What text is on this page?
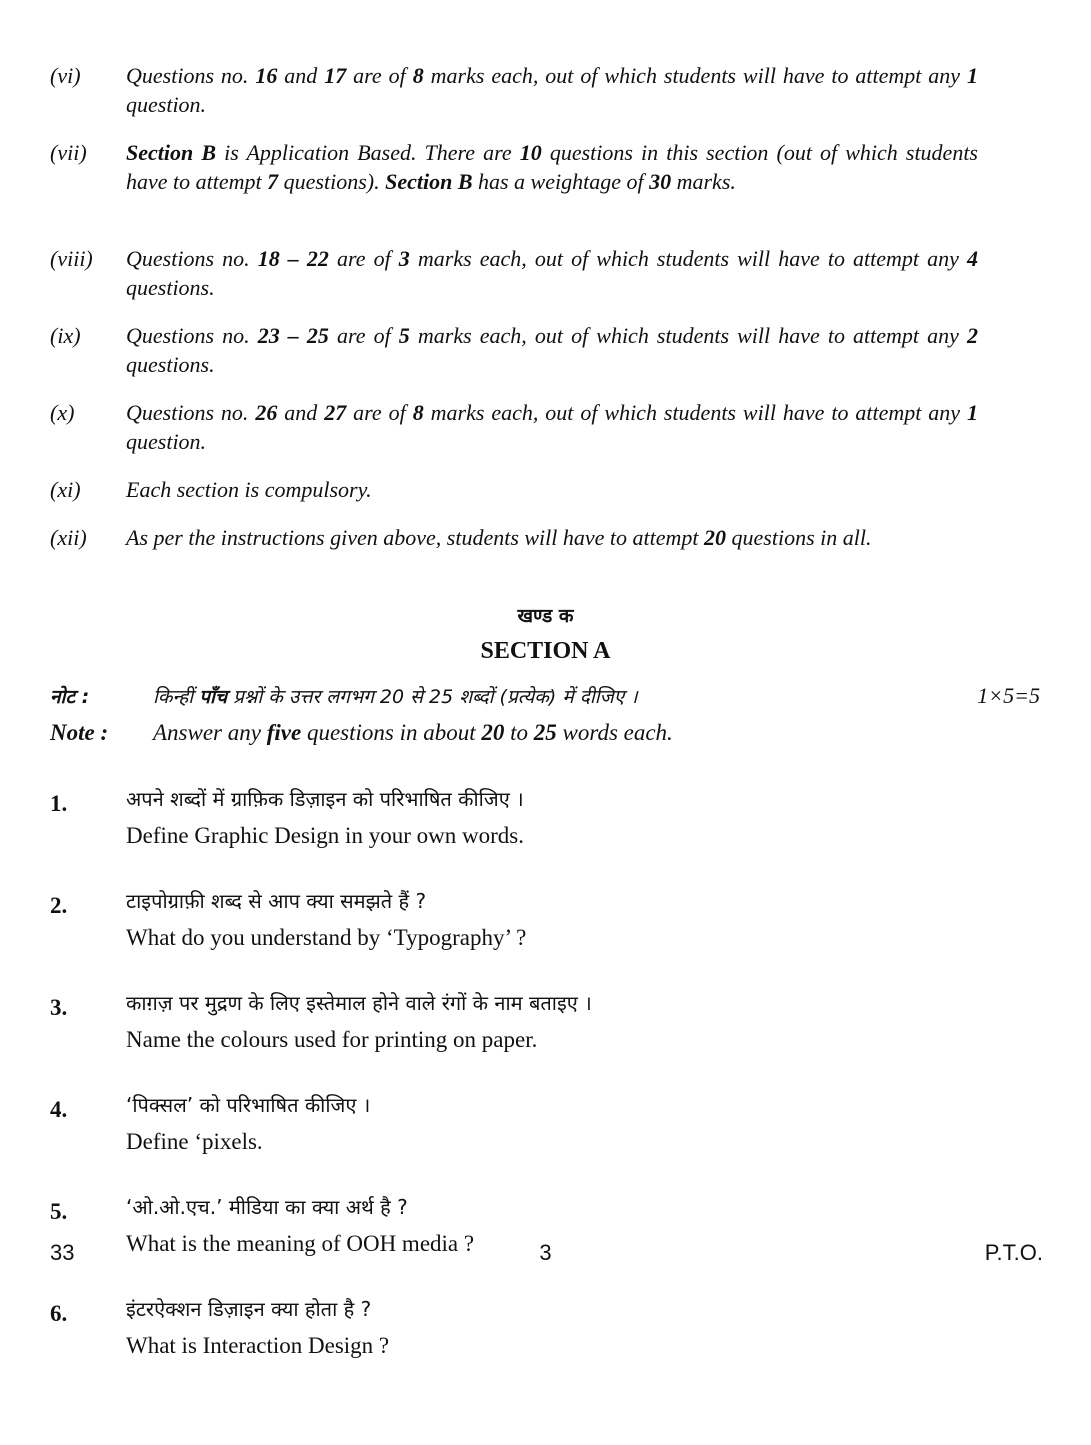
(vi)	Questions no. 16 and 17 are of 8 marks each, out of which students will have to attempt any 1 question.
(vii)	Section B is Application Based. There are 10 questions in this section (out of which students have to attempt 7 questions). Section B has a weightage of 30 marks.
(viii)	Questions no. 18 – 22 are of 3 marks each, out of which students will have to attempt any 4 questions.
(ix)	Questions no. 23 – 25 are of 5 marks each, out of which students will have to attempt any 2 questions.
(x)	Questions no. 26 and 27 are of 8 marks each, out of which students will have to attempt any 1 question.
(xi)	Each section is compulsory.
(xii)	As per the instructions given above, students will have to attempt 20 questions in all.
खण्ड क
SECTION A
नोट :	किन्हीं पाँच प्रश्नों के उत्तर लगभग 20 से 25 शब्दों (प्रत्येक) में दीजिए ।	1×5=5
Note : Answer any five questions in about 20 to 25 words each.
1.	अपने शब्दों में ग्राफ़िक डिज़ाइन को परिभाषित कीजिए ।
Define Graphic Design in your own words.
2.	टाइपोग्राफ़ी शब्द से आप क्या समझते हैं ?
What do you understand by ‘Typography’ ?
3.	काग़ज़ पर मुद्रण के लिए इस्तेमाल होने वाले रंगों के नाम बताइए ।
Name the colours used for printing on paper.
4.	‘पिक्सल’ को परिभाषित कीजिए ।
Define ‘pixels.
5.	‘ओ.ओ.एच.’ मीडिया का क्या अर्थ है ?
What is the meaning of OOH media ?
6.	इंटरऐक्शन डिज़ाइन क्या होता है ?
What is Interaction Design ?
33	3	P.T.O.
